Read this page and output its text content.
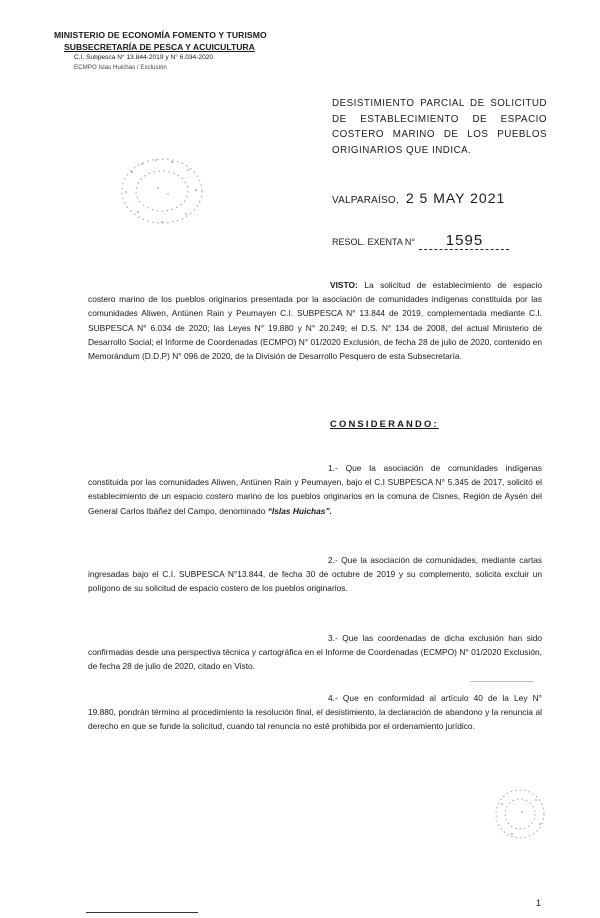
MINISTERIO DE ECONOMÍA FOMENTO Y TURISMO
SUBSECRETARÍA DE PESCA Y ACUICULTURA
C.I. Subpesca N° 13.844-2019 y N° 6.034-2020
ECMPO Islas Huichas / Exclusión
DESISTIMIENTO PARCIAL DE SOLICITUD DE ESTABLECIMIENTO DE ESPACIO COSTERO MARINO DE LOS PUEBLOS ORIGINARIOS QUE INDICA.
VALPARAÍSO, 2 5 MAY 2021
RESOL. EXENTA N° 1595
VISTO: La solicitud de establecimiento de espacio costero marino de los pueblos originarios presentada por la asociación de comunidades indígenas constituida por las comunidades Aliwen, Antünen Rain y Peumayen C.I. SUBPESCA N° 13.844 de 2019, complementada mediante C.I. SUBPESCA N° 6.034 de 2020; las Leyes N° 19.880 y N° 20.249; el D.S. N° 134 de 2008, del actual Ministerio de Desarrollo Social; el Informe de Coordenadas (ECMPO) N° 01/2020 Exclusión, de fecha 28 de julio de 2020, contenido en Memorándum (D.D.P) N° 096 de 2020, de la División de Desarrollo Pesquero de esta Subsecretaría.
CONSIDERANDO:
1.- Que la asociación de comunidades indígenas constituida por las comunidades Aliwen, Antünen Rain y Peumayen, bajo el C.I SUBPESCA N° 5.345 de 2017, solicitó el establecimiento de un espacio costero marino de los pueblos originarios en la comuna de Cisnes, Región de Aysén del General Carlos Ibáñez del Campo, denominado “Islas Huichas”.
2.- Que la asociación de comunidades, mediante cartas ingresadas bajo el C.I. SUBPESCA N°13.844, de fecha 30 de octubre de 2019 y su complemento, solicita excluir un polígono de su solicitud de espacio costero de los pueblos originarios.
3.- Que las coordenadas de dicha exclusión han sido confirmadas desde una perspectiva técnica y cartográfica en el Informe de Coordenadas (ECMPO) N° 01/2020 Exclusión, de fecha 28 de julio de 2020, citado en Visto.
4.- Que en conformidad al artículo 40 de la Ley N° 19.880, pondrán término al procedimiento la resolución final, el desistimiento, la declaración de abandono y la renuncia al derecho en que se funde la solicitud, cuando tal renuncia no esté prohibida por el ordenamiento jurídico.
1
